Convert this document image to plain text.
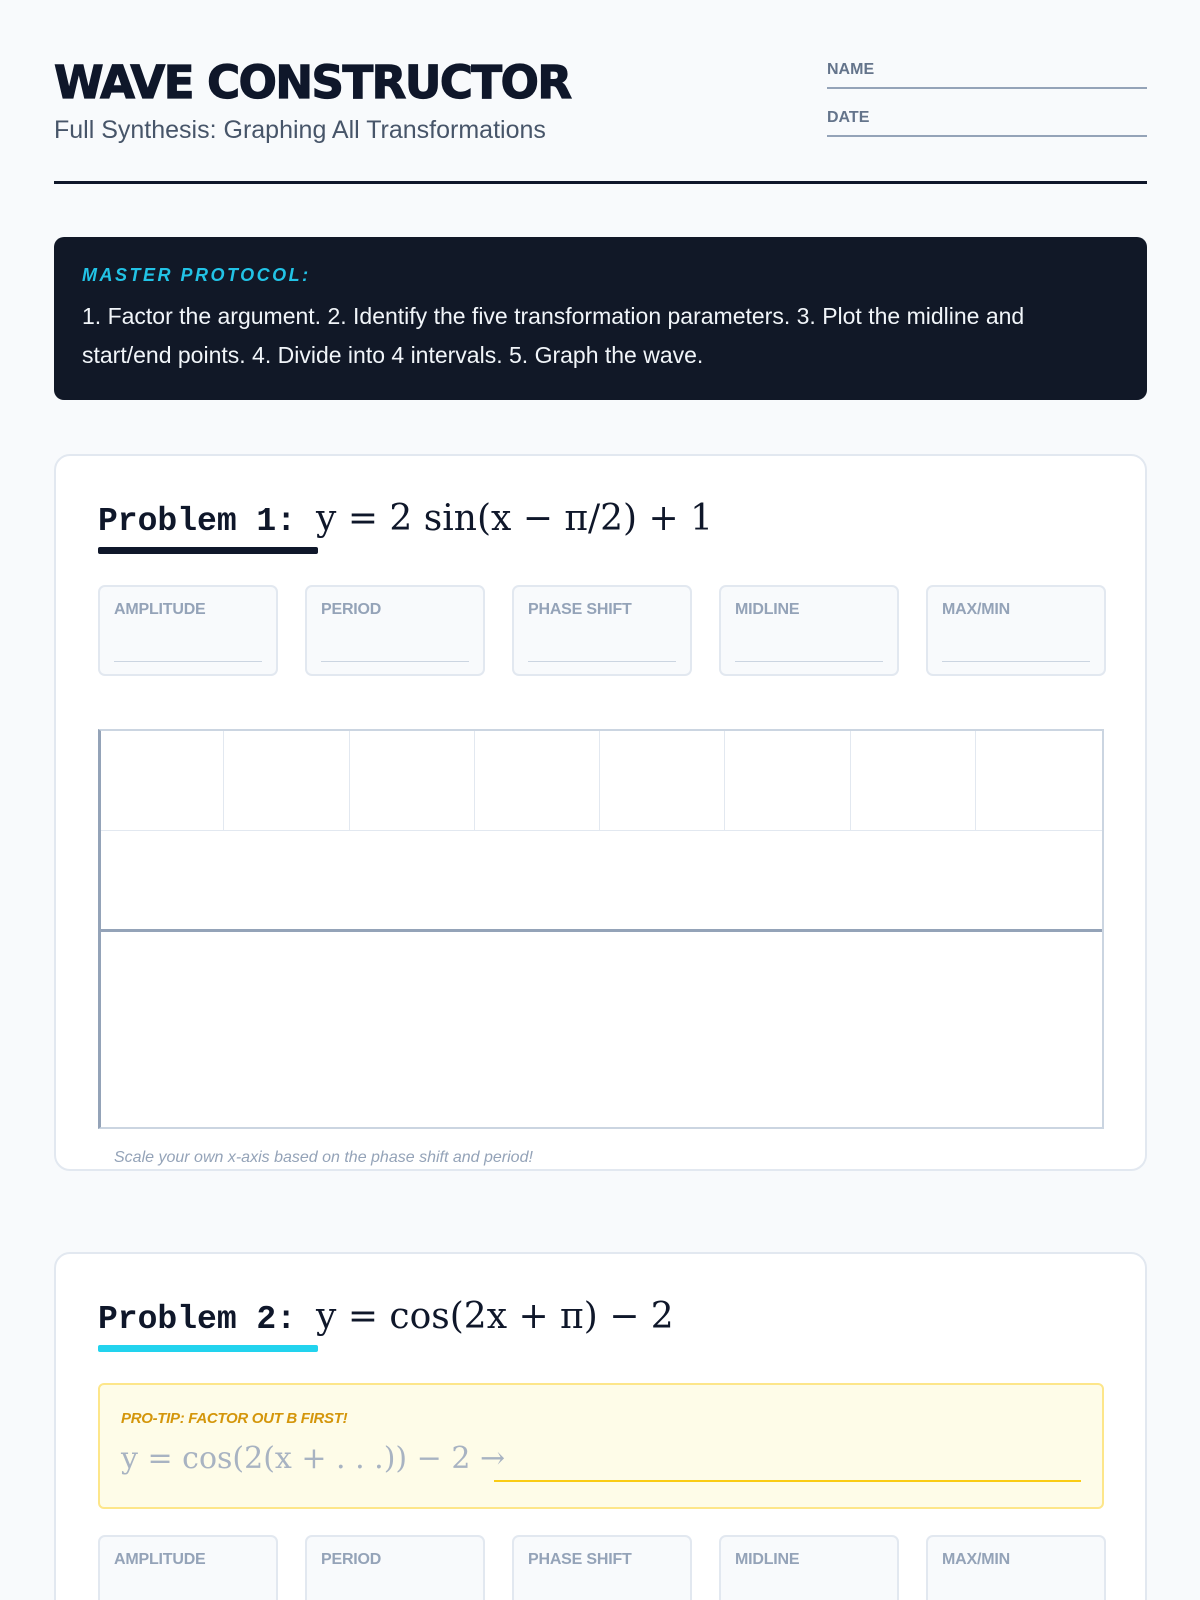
WAVE CONSTRUCTOR
Full Synthesis: Graphing All Transformations
NAME
DATE
MASTER PROTOCOL:
1. Factor the argument. 2. Identify the five transformation parameters. 3. Plot the midline and start/end points. 4. Divide into 4 intervals. 5. Graph the wave.
Problem 1: y = 2 sin(x − π/2) + 1
AMPLITUDE	PERIOD	PHASE SHIFT	MIDLINE	MAX/MIN
Scale your own x-axis based on the phase shift and period!
Problem 2: y = cos(2x + π) − 2
PRO-TIP: FACTOR OUT B FIRST!
y = cos(2(x + . . .)) − 2 →
AMPLITUDE	PERIOD	PHASE SHIFT	MIDLINE	MAX/MIN
